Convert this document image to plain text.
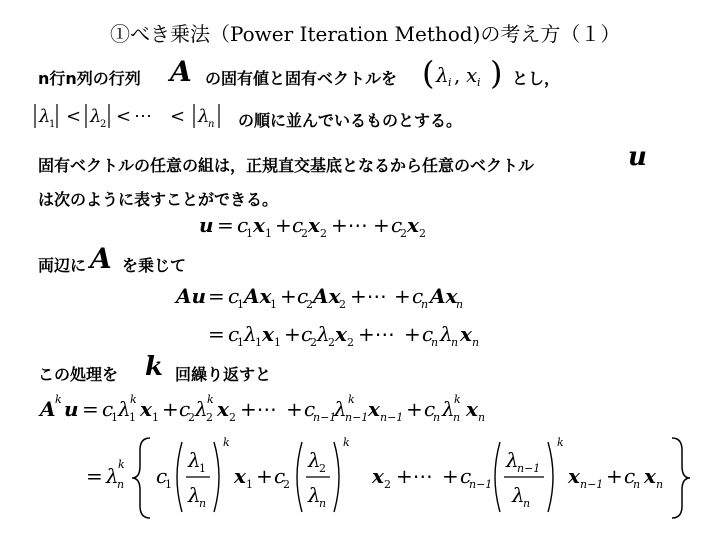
①べき乗法（Power Iteration Method)の考え方（１）
n行n列の行列 A の固有値と固有ベクトルを ( λ i , x i ) とし，
λ
1 < λ
2 < ⋯ < λ
n の順に並んでいるものとする。
固有ベクトルの任意の組は，正規直交基底となるから任意のベクトル	u
は次のように表すことができる。
u = c
1 x 1 + c
2 x 2 +⋯ + c
2 x 2
両辺に A を乗じて
Au = c
1 Ax
1 + c
2 Ax
2 +⋯ + c
n Ax
n
= c
1 λ
1 x 1 + c
2 λ
2 x 2 +⋯ + c
n λ
n x n
この処理を k 回繰り返すと
A k u = c
1 λ
1
k x 1 + c
2 λ
2
k x 2 +⋯ + c
n−1
λ
n−1
k x n−1 + c
n λ
n
k x n
= λ
n
k c
1
λ
1
λ
n
k
x 1 + c
2
λ
2
λ
n
k
x 2 +⋯ + c
n−1
λ
n−1
λ
n
k
x n−1 + c
n x n
